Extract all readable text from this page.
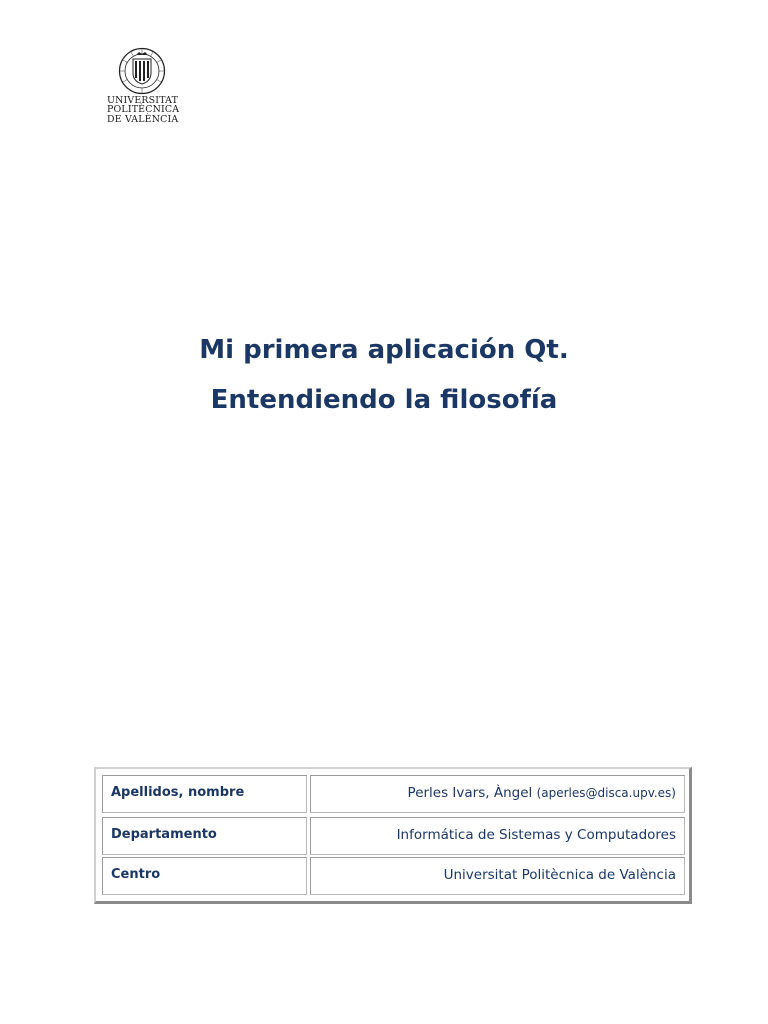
UNIVERSITAT
POLITÈCNICA
DE VALÈNCIA
Mi primera aplicación Qt.
Entendiendo la filosofía
Apellidos, nombre	Perles Ivars, Àngel (aperles@disca.upv.es)
Departamento	Informática de Sistemas y Computadores
Centro	Universitat Politècnica de València
